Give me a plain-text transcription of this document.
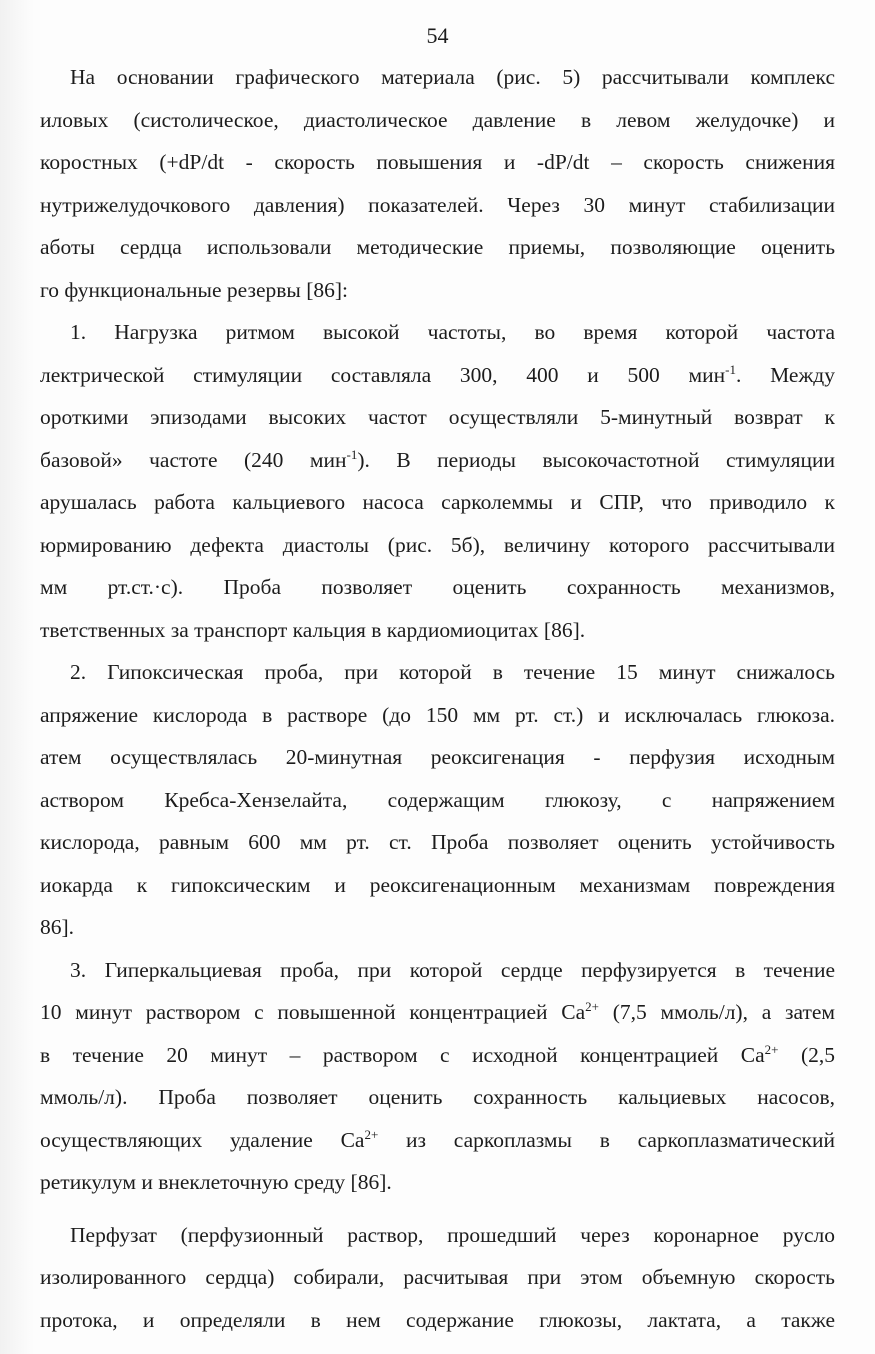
54
На основании графического материала (рис. 5) рассчитывали комплекс
иловых (систолическое, диастолическое давление в левом желудочке) и
коростных (+dP/dt - скорость повышения и -dP/dt – скорость снижения
нутрижелудочкового давления) показателей. Через 30 минут стабилизации
аботы сердца использовали методические приемы, позволяющие оценить
го функциональные резервы [86]:
1. Нагрузка ритмом высокой частоты, во время которой частота
лектрической стимуляции составляла 300, 400 и 500 мин$^{-1}$. Между
ороткими эпизодами высоких частот осуществляли 5-минутный возврат к
базовой» частоте (240 мин$^{-1}$). В периоды высокочастотной стимуляции
арушалась работа кальциевого насоса сарколеммы и СПР, что приводило к
юрмированию дефекта диастолы (рис. 5б), величину которого рассчитывали
мм рт.ст.·с). Проба позволяет оценить сохранность механизмов,
тветственных за транспорт кальция в кардиомиоцитах [86].
2. Гипоксическая проба, при которой в течение 15 минут снижалось
апряжение кислорода в растворе (до 150 мм рт. ст.) и исключалась глюкоза.
атем осуществлялась 20-минутная реоксигенация - перфузия исходным
аствором Кребса-Хензелайта, содержащим глюкозу, с напряжением
кислорода, равным 600 мм рт. ст. Проба позволяет оценить устойчивость
иокарда к гипоксическим и реоксигенационным механизмам повреждения
86].
3. Гиперкальциевая проба, при которой сердце перфузируется в течение
10 минут раствором с повышенной концентрацией $Ca^{2+}$ (7,5 ммоль/л), а затем
в течение 20 минут – раствором с исходной концентрацией $Ca^{2+}$ (2,5
ммоль/л). Проба позволяет оценить сохранность кальциевых насосов,
осуществляющих удаление $Ca^{2+}$ из саркоплазмы в саркоплазматический
ретикулум и внеклеточную среду [86].
Перфузат (перфузионный раствор, прошедший через коронарное русло
изолированного сердца) собирали, расчитывая при этом объемную скорость
протока, и определяли в нем содержание глюкозы, лактата, а также
